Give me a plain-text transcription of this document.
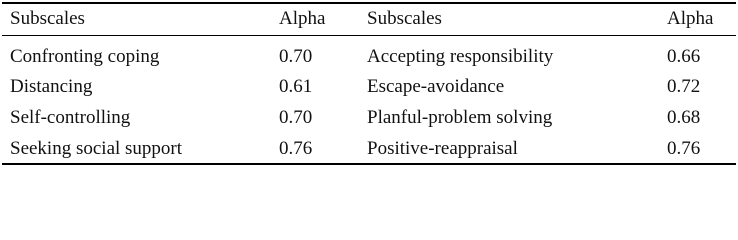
Subscales	Alpha Subscales	Alpha
Confronting coping	0.70	Accepting responsibility	0.66
Distancing	0.61	Escape-avoidance	0.72
Self-controlling	0.70	Planful-problem solving	0.68
Seeking social support	0.76	Positive-reappraisal	0.76
